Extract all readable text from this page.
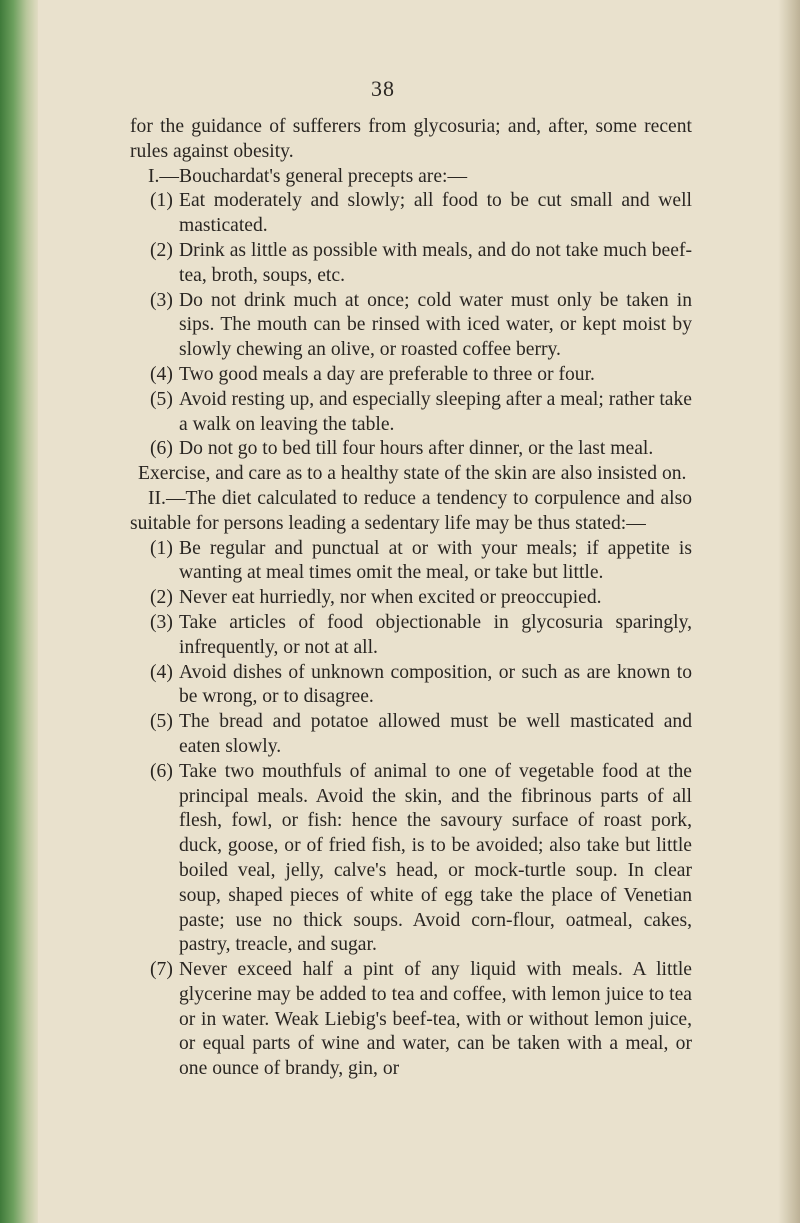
38

for the guidance of sufferers from glycosuria; and, after, some recent rules against obesity.

I.—Bouchardat's general precepts are:—

(1) Eat moderately and slowly; all food to be cut small and well masticated.

(2) Drink as little as possible with meals, and do not take much beef-tea, broth, soups, etc.

(3) Do not drink much at once; cold water must only be taken in sips. The mouth can be rinsed with iced water, or kept moist by slowly chewing an olive, or roasted coffee berry.

(4) Two good meals a day are preferable to three or four.

(5) Avoid resting up, and especially sleeping after a meal; rather take a walk on leaving the table.

(6) Do not go to bed till four hours after dinner, or the last meal.

Exercise, and care as to a healthy state of the skin are also insisted on.

II.—The diet calculated to reduce a tendency to corpulence and also suitable for persons leading a sedentary life may be thus stated:—

(1) Be regular and punctual at or with your meals; if appetite is wanting at meal times omit the meal, or take but little.

(2) Never eat hurriedly, nor when excited or preoccupied.

(3) Take articles of food objectionable in glycosuria sparingly, infrequently, or not at all.

(4) Avoid dishes of unknown composition, or such as are known to be wrong, or to disagree.

(5) The bread and potatoe allowed must be well masticated and eaten slowly.

(6) Take two mouthfuls of animal to one of vegetable food at the principal meals. Avoid the skin, and the fibrinous parts of all flesh, fowl, or fish: hence the savoury surface of roast pork, duck, goose, or of fried fish, is to be avoided; also take but little boiled veal, jelly, calve's head, or mock-turtle soup. In clear soup, shaped pieces of white of egg take the place of Venetian paste; use no thick soups. Avoid corn-flour, oatmeal, cakes, pastry, treacle, and sugar.

(7) Never exceed half a pint of any liquid with meals. A little glycerine may be added to tea and coffee, with lemon juice to tea or in water. Weak Liebig's beef-tea, with or without lemon juice, or equal parts of wine and water, can be taken with a meal, or one ounce of brandy, gin, or
